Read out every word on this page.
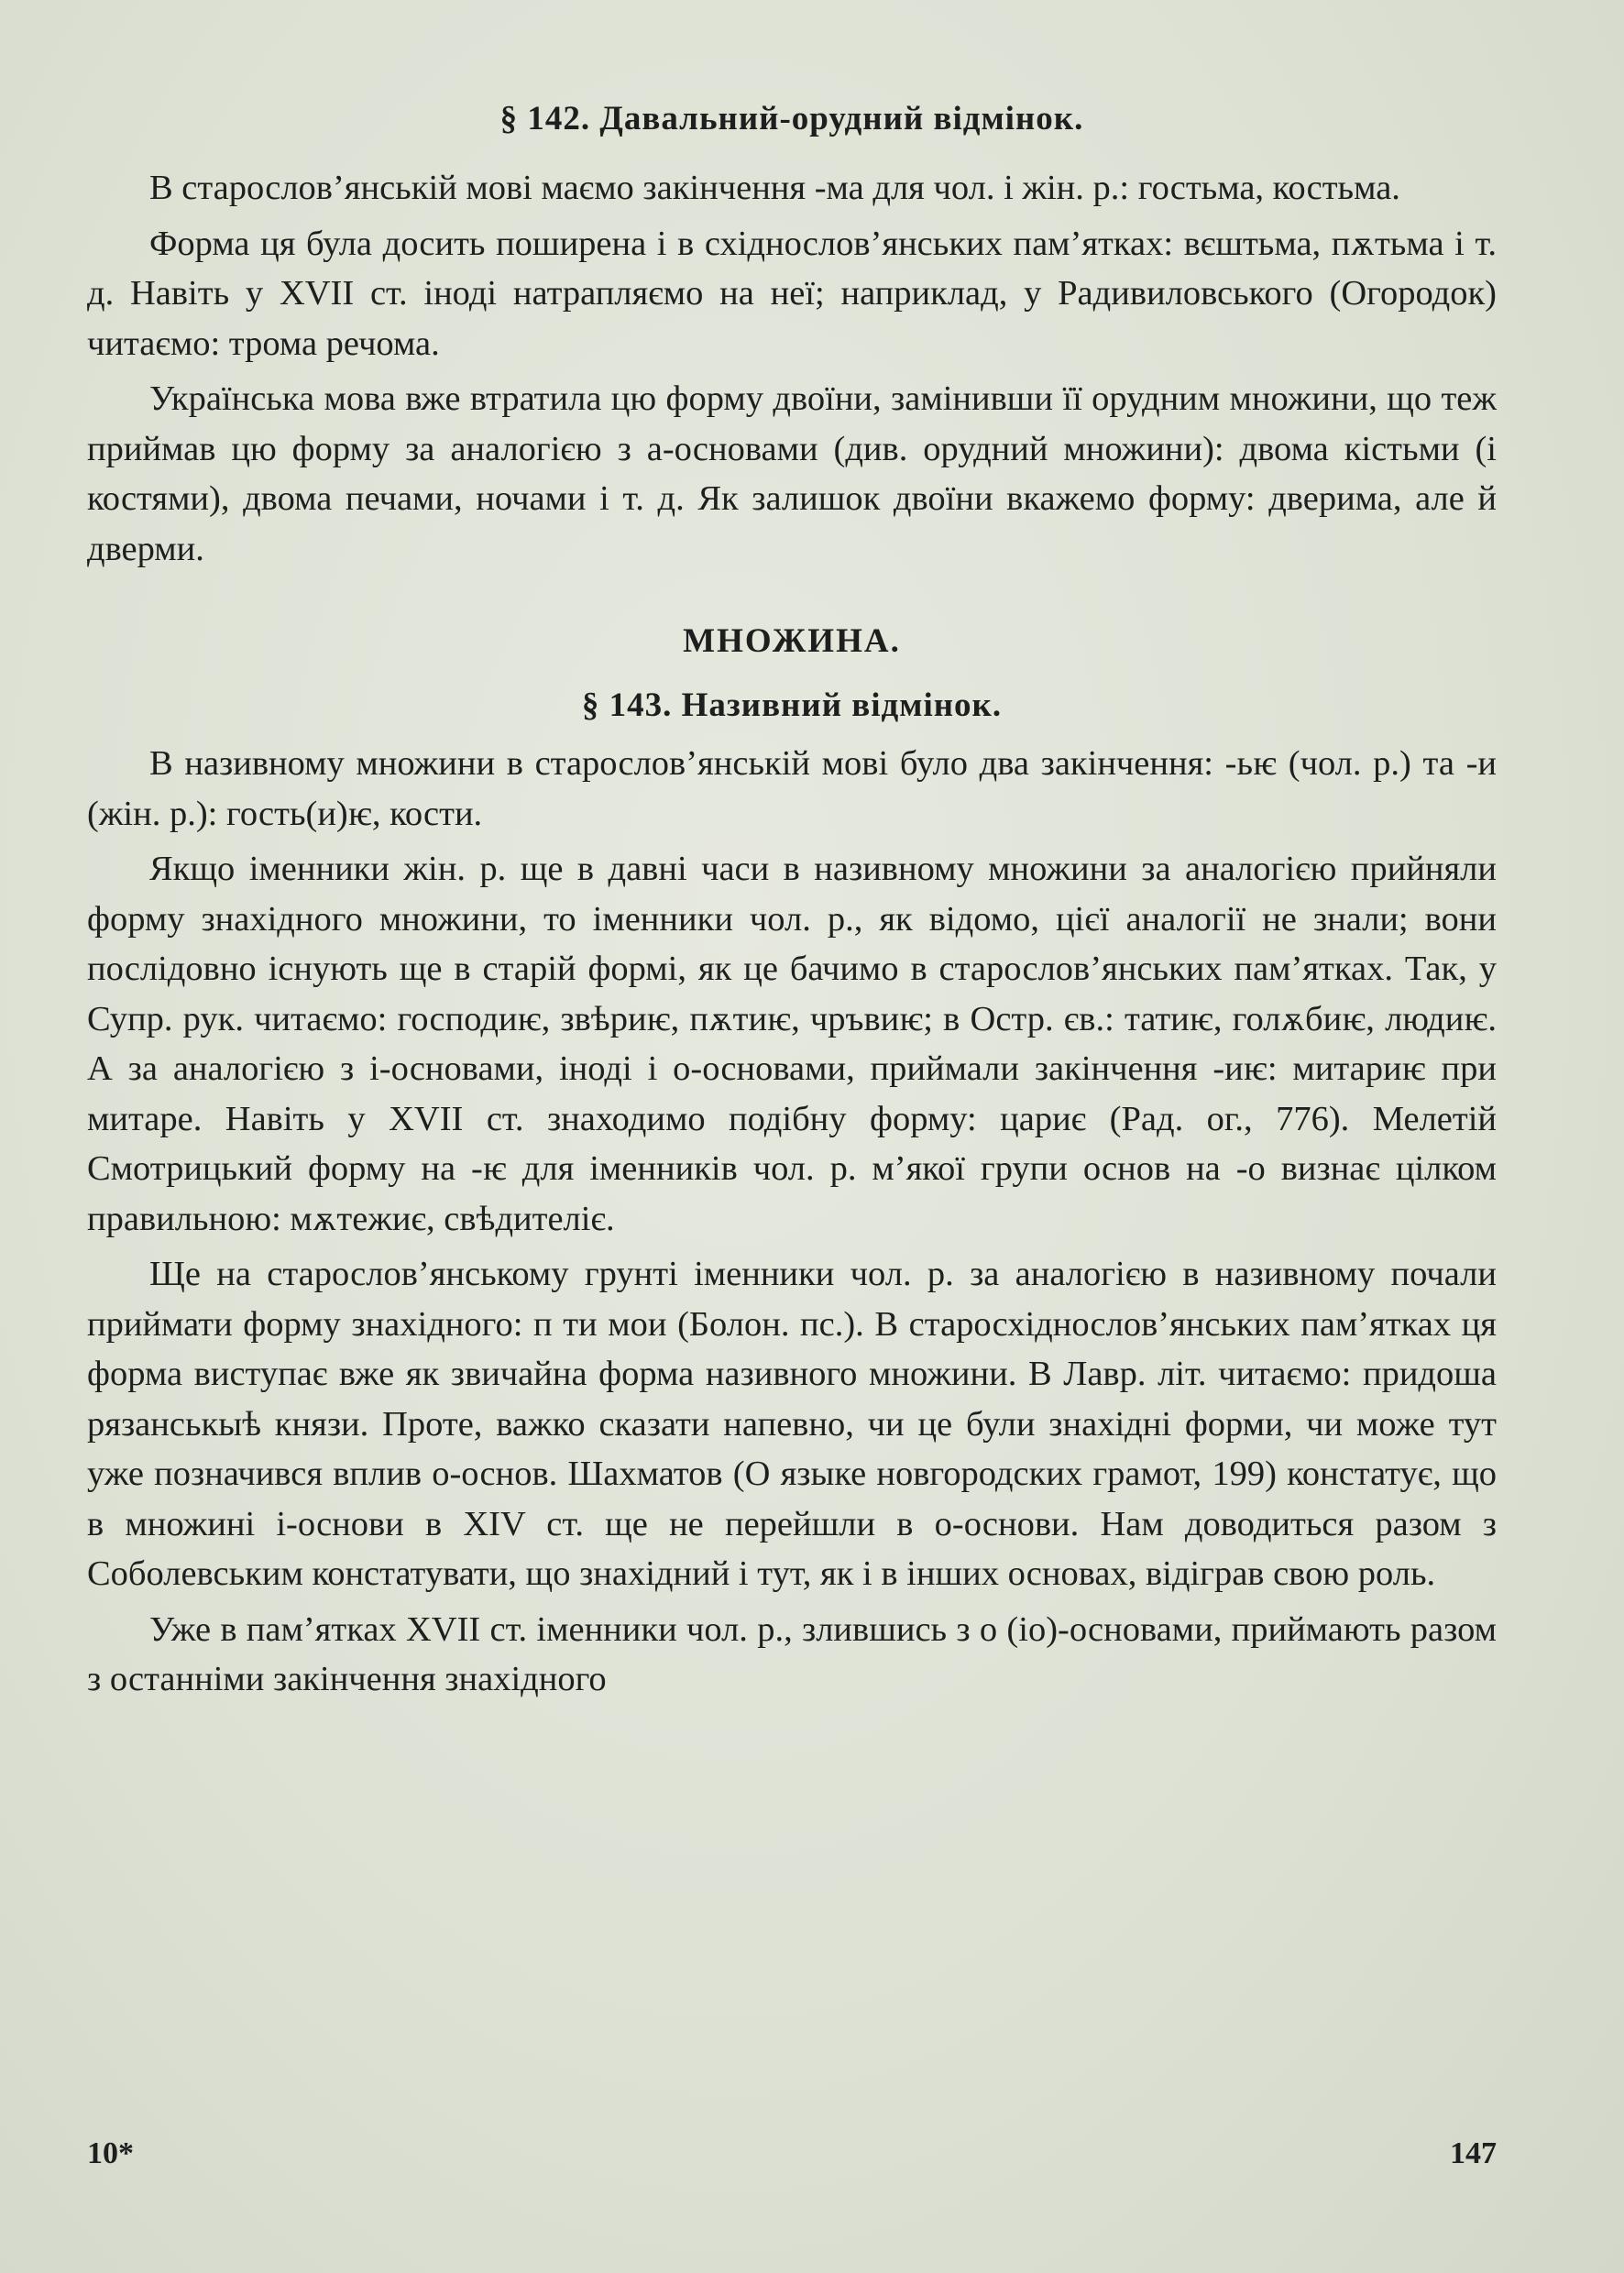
§ 142. Давальний-орудний відмінок.

В старослов’янській мові маємо закінчення -ма для чол. і жін. р.: гостьма, костьма.

Форма ця була досить поширена і в східнослов’янських пам’ятках: вєштьма, пѫтьма і т. д. Навіть у XVII ст. іноді натрапляємо на неї; наприклад, у Радивиловського (Огородок) читаємо: трома речома.

Українська мова вже втратила цю форму двоїни, замінивши її орудним множини, що теж приймав цю форму за аналогією з а-основами (див. орудний множини): двома кістьми (і костями), двома печами, ночами і т. д. Як залишок двоїни вкажемо форму: дверима, але й дверми.

МНОЖИНА.
§ 143. Називний відмінок.

В називному множини в старослов’янській мові було два закінчення: -ьѥ (чол. р.) та -и (жін. р.): гость(и)ѥ, кости.

Якщо іменники жін. р. ще в давні часи в називному множини за аналогією прийняли форму знахідного множини, то іменники чол. р., як відомо, цієї аналогії не знали; вони послідовно існують ще в старій формі, як це бачимо в старослов’янських пам’ятках. Так, у Супр. рук. читаємо: господиѥ, звѣриѥ, пѫтиѥ, чръвиѥ; в Остр. єв.: татиѥ, голѫбиѥ, людиѥ. А за аналогією з і-основами, іноді і о-основами, приймали закінчення -иѥ: митариѥ при митаре. Навіть у XVII ст. знаходимо подібну форму: цариє (Рад. ог., 776). Мелетій Смотрицький форму на -ѥ для іменників чол. р. м’якої групи основ на -о визнає цілком правильною: мѫтежиє, свѣдителіє.

Ще на старослов’янському грунті іменники чол. р. за аналогією в називному почали приймати форму знахідного: п ти мои (Болон. пс.). В старосхіднослов’янських пам’ятках ця форма виступає вже як звичайна форма називного множини. В Лавр. літ. читаємо: придоша рязанськыѣ князи. Проте, важко сказати напевно, чи це були знахідні форми, чи може тут уже позначився вплив о-основ. Шахматов (О языке новгородских грамот, 199) констатує, що в множині і-основи в XIV ст. ще не перейшли в о-основи. Нам доводиться разом з Соболевським констатувати, що знахідний і тут, як і в інших основах, відіграв свою роль.

Уже в пам’ятках XVII ст. іменники чол. р., злившись з о (іо)-основами, приймають разом з останніми закінчення знахідного

10*	147
